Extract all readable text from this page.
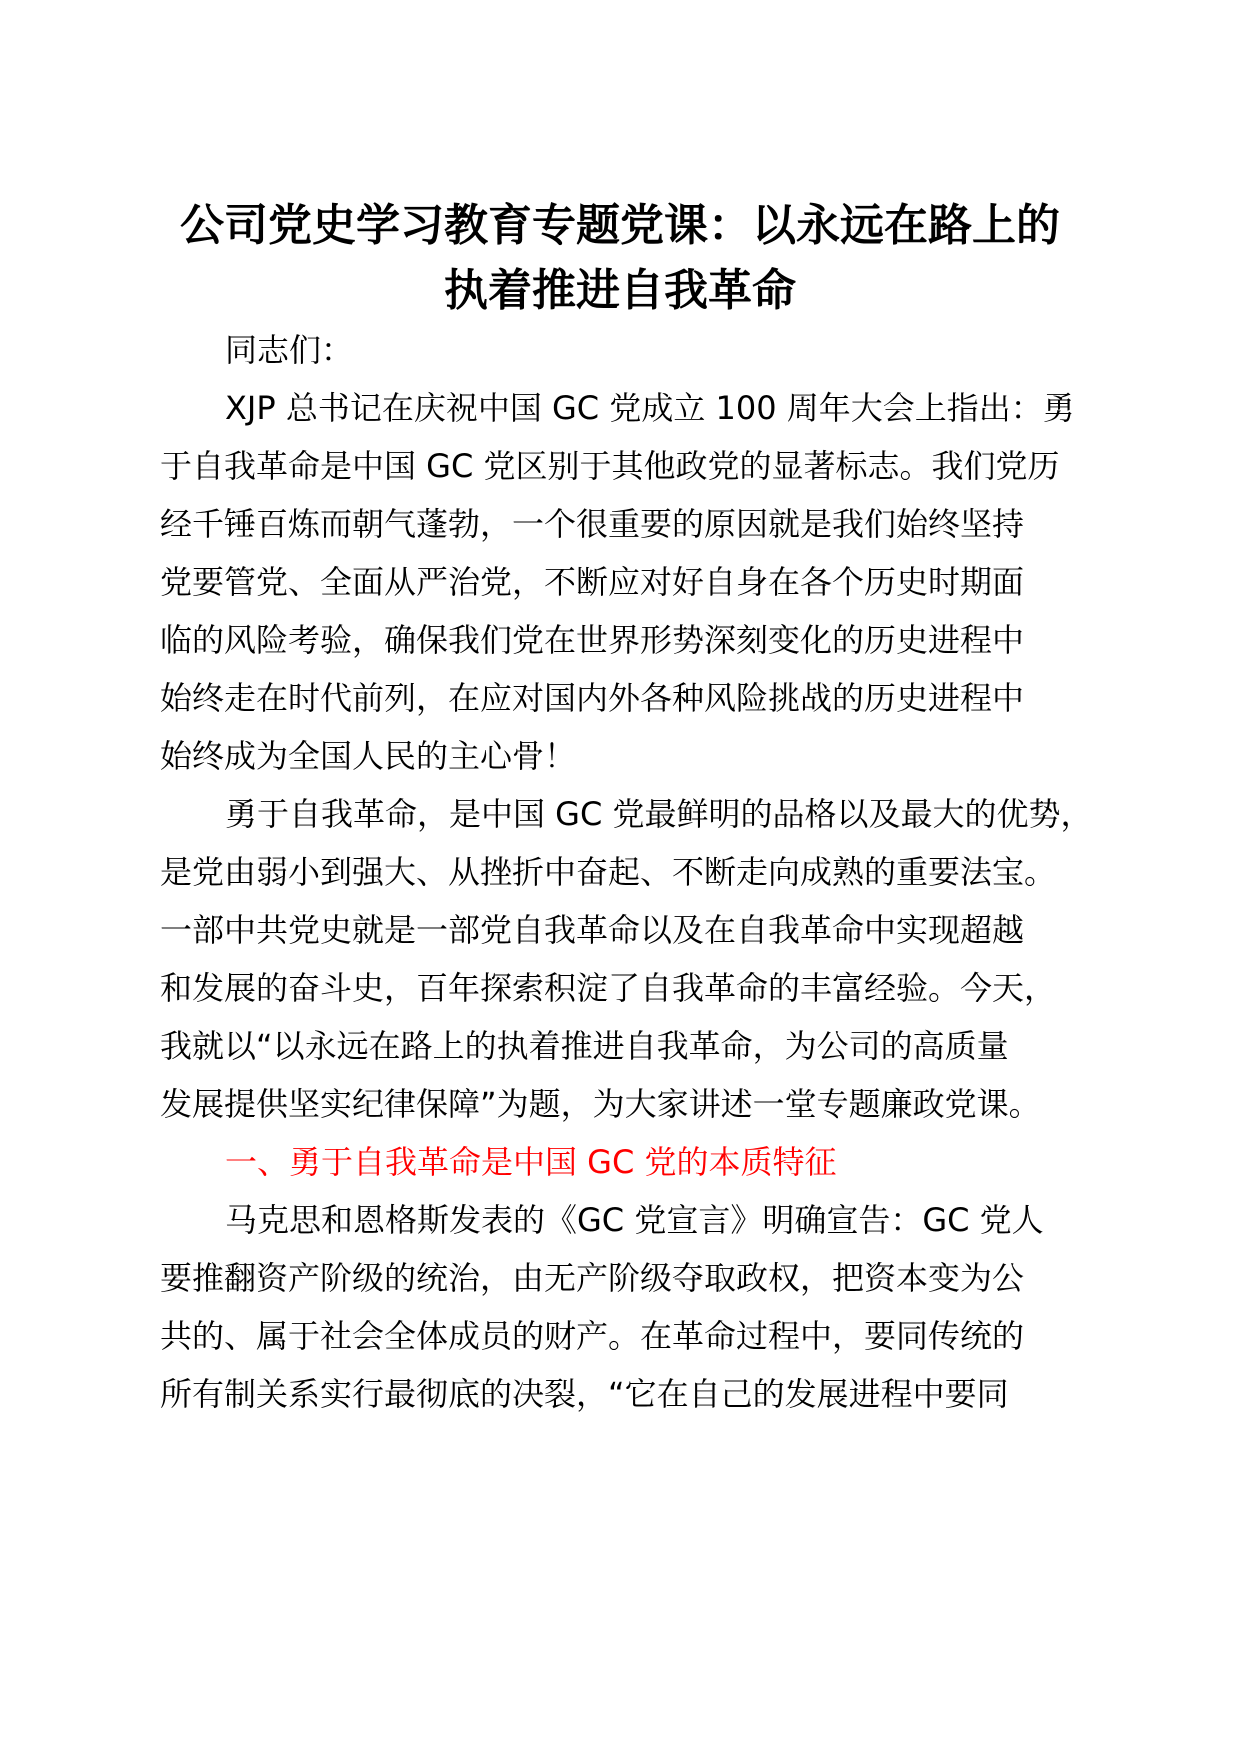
公司党史学习教育专题党课：以永远在路上的
执着推进自我革命

同志们：

XJP 总书记在庆祝中国 GC 党成立 100 周年大会上指出：勇

于自我革命是中国 GC 党区别于其他政党的显著标志。我们党历

经千锤百炼而朝气蓬勃，一个很重要的原因就是我们始终坚持

党要管党、全面从严治党，不断应对好自身在各个历史时期面

临的风险考验，确保我们党在世界形势深刻变化的历史进程中

始终走在时代前列，在应对国内外各种风险挑战的历史进程中

始终成为全国人民的主心骨！

勇于自我革命，是中国 GC 党最鲜明的品格以及最大的优势，

是党由弱小到强大、从挫折中奋起、不断走向成熟的重要法宝。

一部中共党史就是一部党自我革命以及在自我革命中实现超越

和发展的奋斗史，百年探索积淀了自我革命的丰富经验。今天，

我就以“以永远在路上的执着推进自我革命，为公司的高质量

发展提供坚实纪律保障”为题，为大家讲述一堂专题廉政党课。

一、勇于自我革命是中国 GC 党的本质特征

马克思和恩格斯发表的《GC 党宣言》明确宣告：GC 党人

要推翻资产阶级的统治，由无产阶级夺取政权，把资本变为公

共的、属于社会全体成员的财产。在革命过程中，要同传统的

所有制关系实行最彻底的决裂，“它在自己的发展进程中要同
